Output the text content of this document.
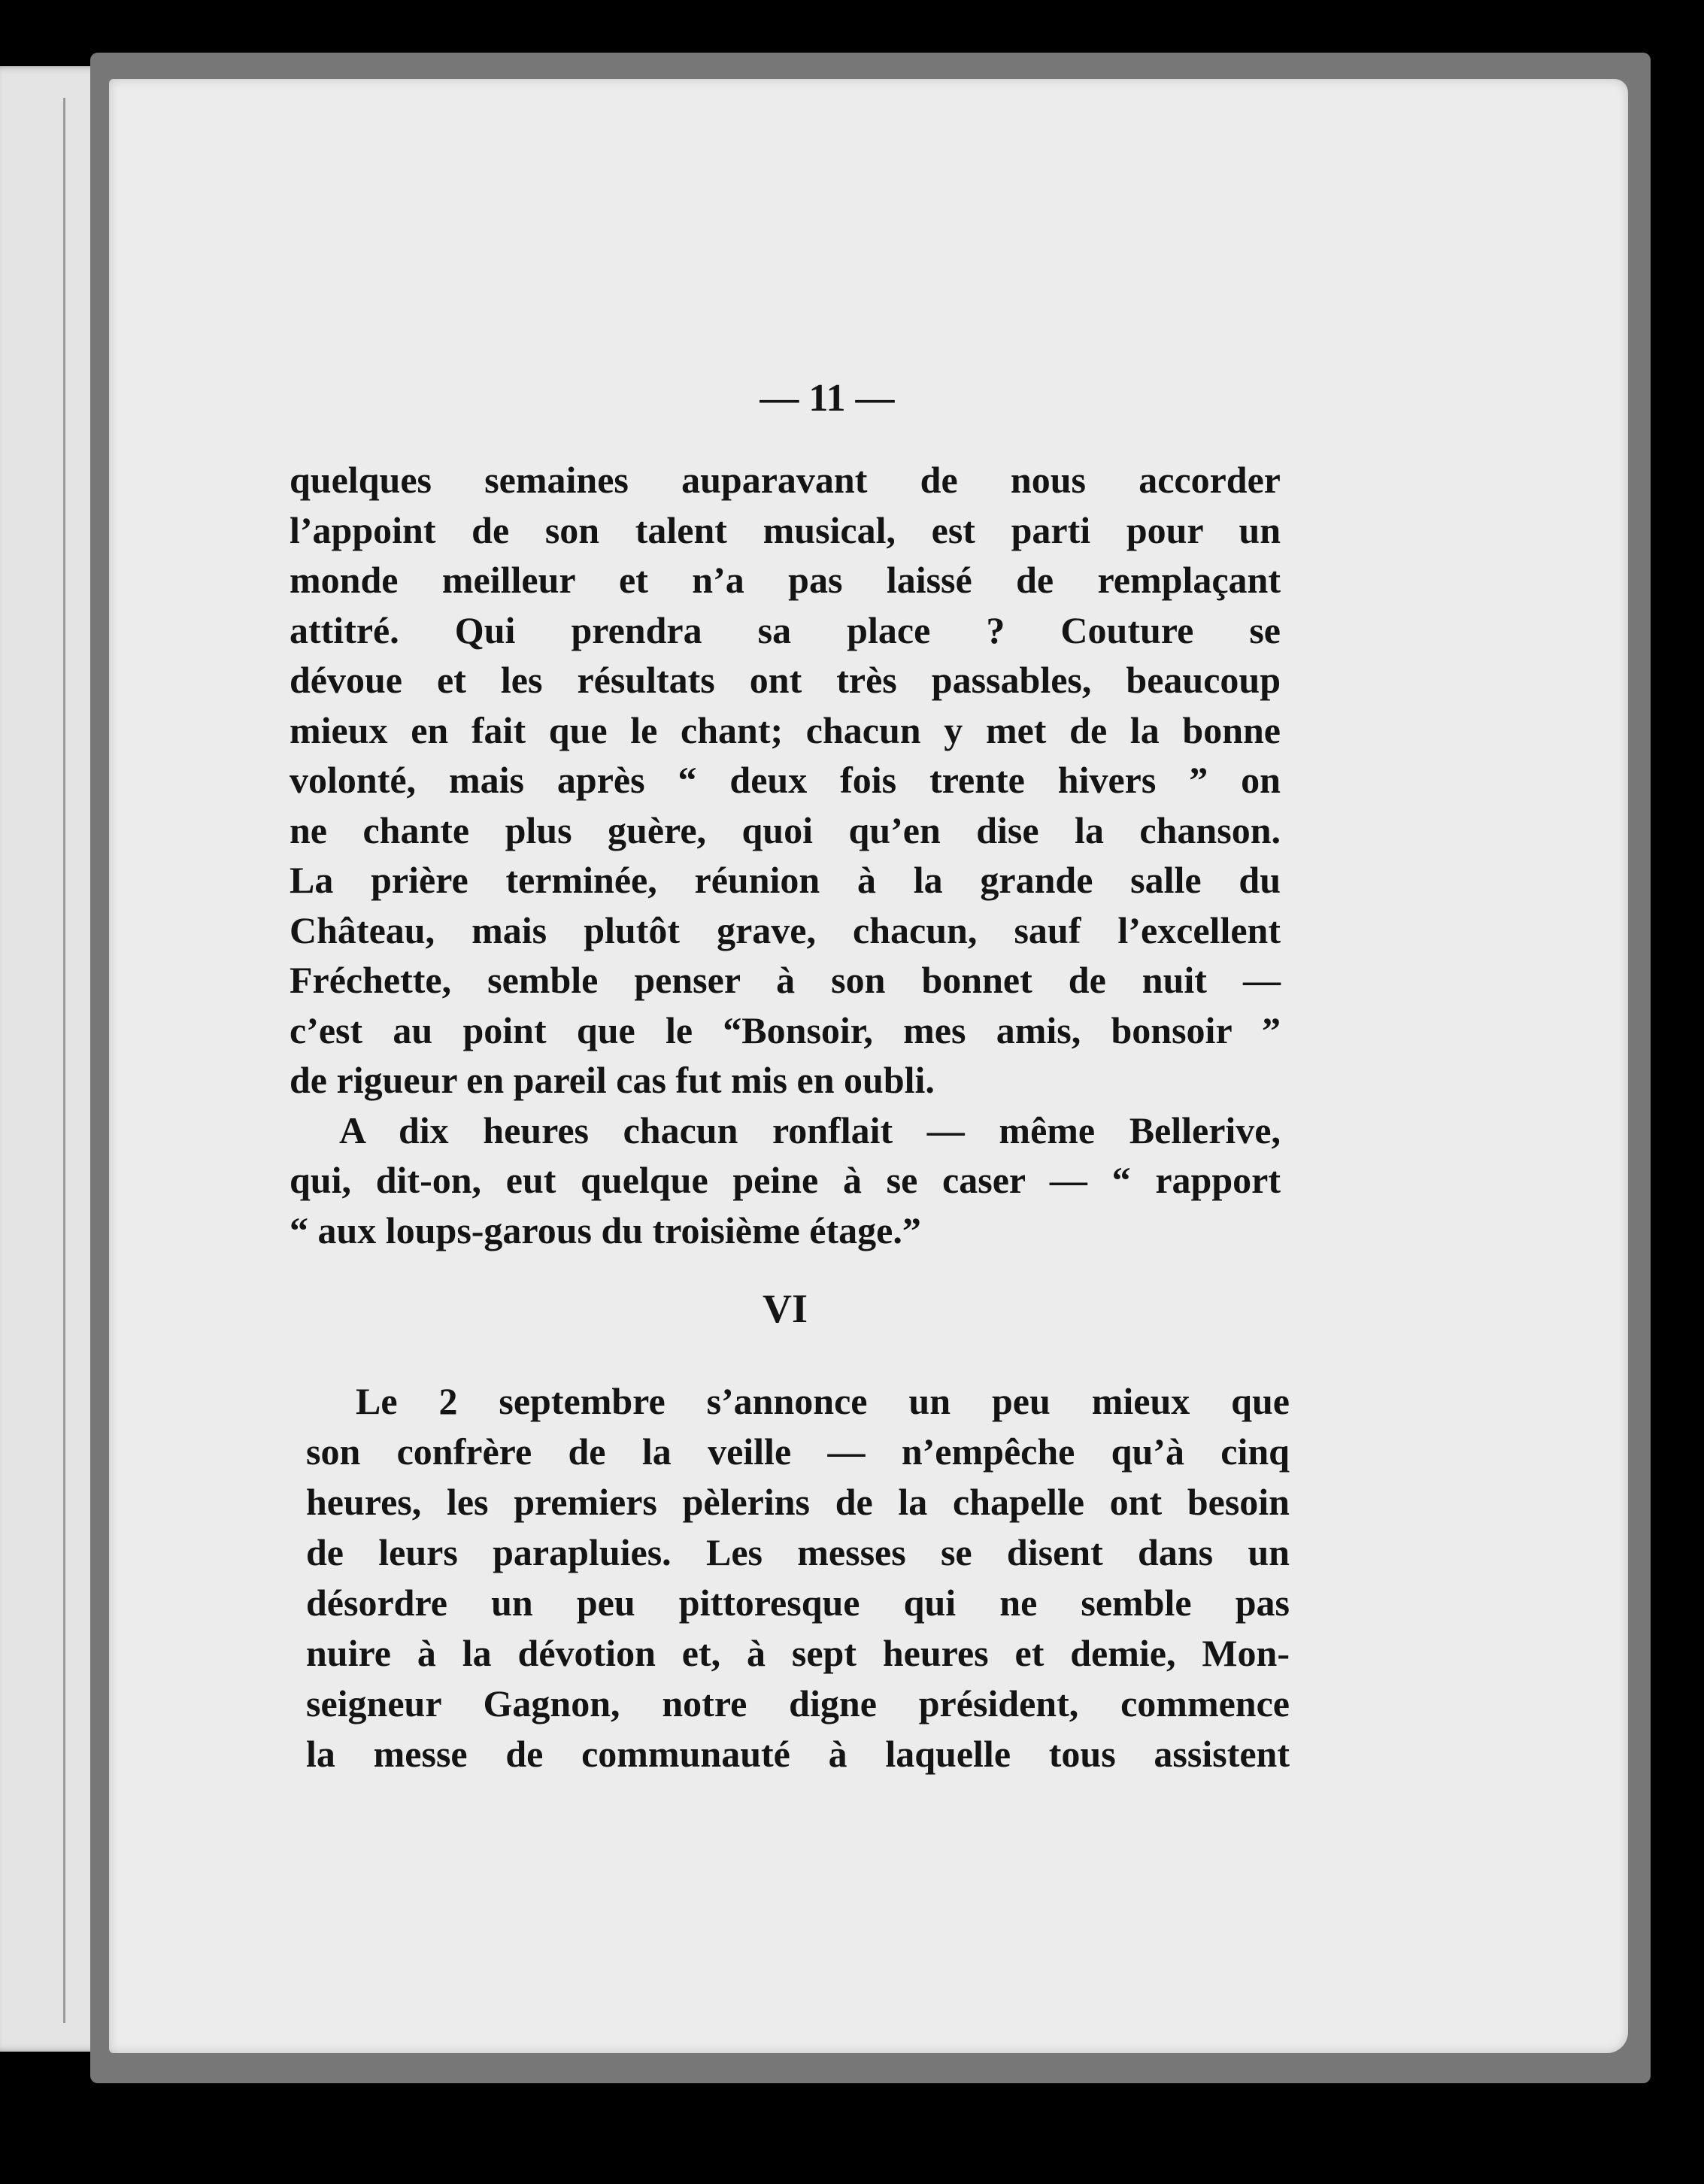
— 11 —

quelques semaines auparavant de nous accorder

l’appoint de son talent musical, est parti pour un

monde meilleur et n’a pas laissé de remplaçant

attitré. Qui prendra sa place ? Couture se

dévoue et les résultats ont très passables, beaucoup

mieux en fait que le chant; chacun y met de la bonne

volonté, mais après “ deux fois trente hivers ” on

ne chante plus guère, quoi qu’en dise la chanson.

La prière terminée, réunion à la grande salle du

Château, mais plutôt grave, chacun, sauf l’excellent

Fréchette, semble penser à son bonnet de nuit —

c’est au point que le “Bonsoir, mes amis, bonsoir ”

de rigueur en pareil cas fut mis en oubli.

A dix heures chacun ronflait — même Bellerive,

qui, dit-on, eut quelque peine à se caser — “ rapport

“ aux loups-garous du troisième étage.”

VI

Le 2 septembre s’annonce un peu mieux que

son confrère de la veille — n’empêche qu’à cinq

heures, les premiers pèlerins de la chapelle ont besoin

de leurs parapluies. Les messes se disent dans un

désordre un peu pittoresque qui ne semble pas

nuire à la dévotion et, à sept heures et demie, Mon-

seigneur Gagnon, notre digne président, commence

la messe de communauté à laquelle tous assistent
